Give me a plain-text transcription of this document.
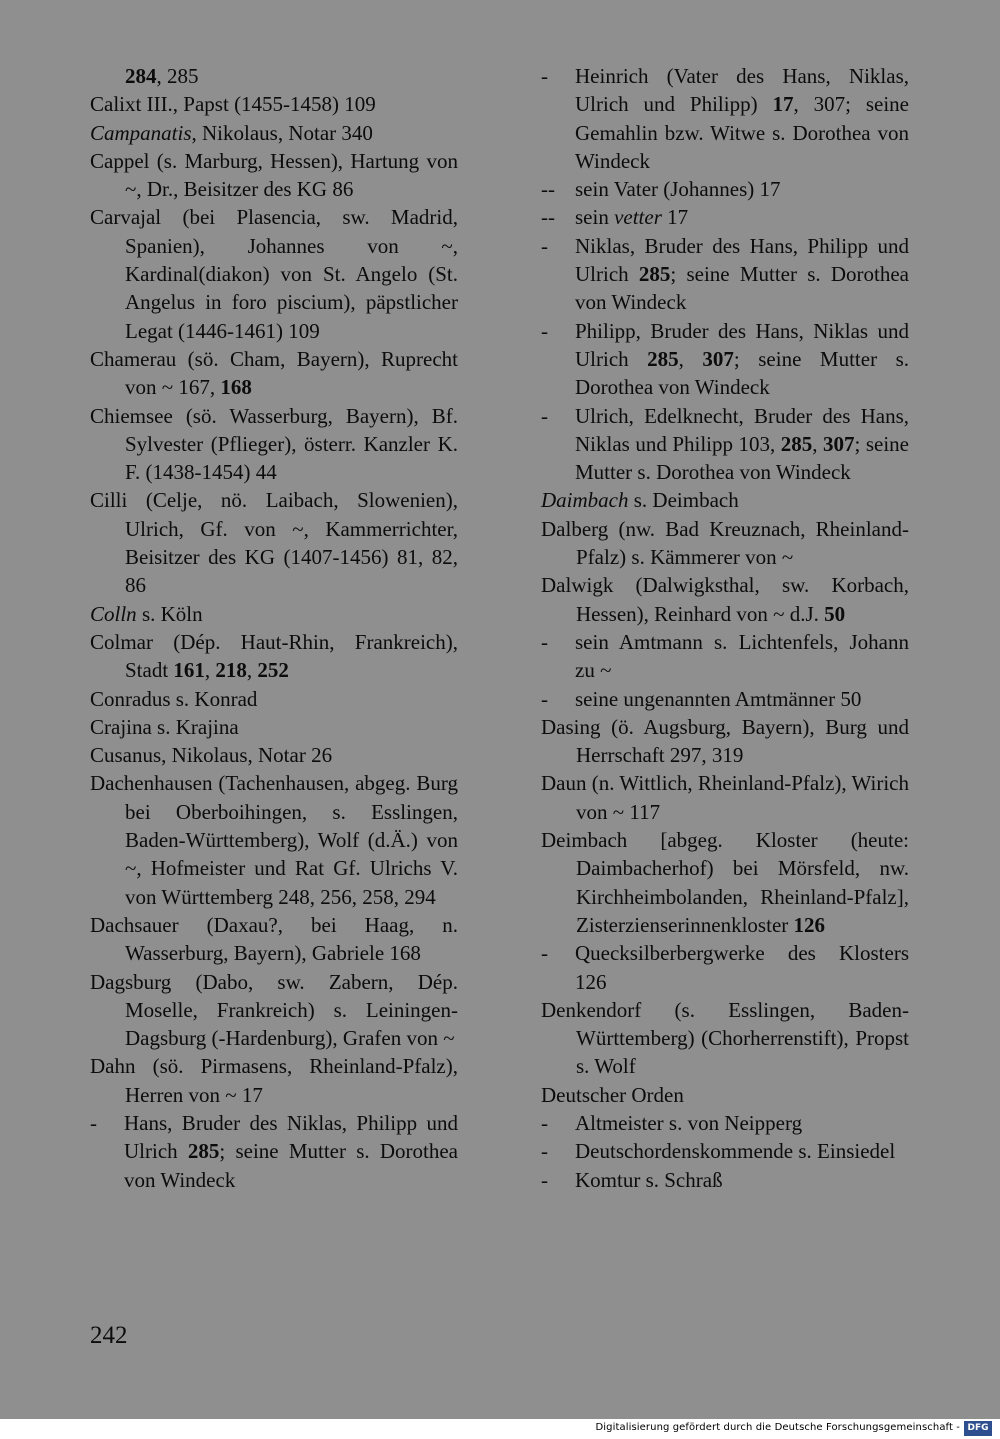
284, 285
Calixt III., Papst (1455-1458) 109
Campanatis, Nikolaus, Notar 340
Cappel (s. Marburg, Hessen), Hartung von ~, Dr., Beisitzer des KG 86
Carvajal (bei Plasencia, sw. Madrid, Spanien), Johannes von ~, Kardinal(diakon) von St. Angelo (St. Angelus in foro piscium), päpstlicher Legat (1446-1461) 109
Chamerau (sö. Cham, Bayern), Ruprecht von ~ 167, 168
Chiemsee (sö. Wasserburg, Bayern), Bf. Sylvester (Pflieger), österr. Kanzler K. F. (1438-1454) 44
Cilli (Celje, nö. Laibach, Slowenien), Ulrich, Gf. von ~, Kammerrichter, Beisitzer des KG (1407-1456) 81, 82, 86
Colln s. Köln
Colmar (Dép. Haut-Rhin, Frankreich), Stadt 161, 218, 252
Conradus s. Konrad
Crajina s. Krajina
Cusanus, Nikolaus, Notar 26
Dachenhausen (Tachenhausen, abgeg. Burg bei Oberboihingen, s. Esslingen, Baden-Württemberg), Wolf (d.Ä.) von ~, Hofmeister und Rat Gf. Ulrichs V. von Württemberg 248, 256, 258, 294
Dachsauer (Daxau?, bei Haag, n. Wasserburg, Bayern), Gabriele 168
Dagsburg (Dabo, sw. Zabern, Dép. Moselle, Frankreich) s. Leiningen-Dagsburg (-Hardenburg), Grafen von ~
Dahn (sö. Pirmasens, Rheinland-Pfalz), Herren von ~ 17
-	Hans, Bruder des Niklas, Philipp und Ulrich 285; seine Mutter s. Dorothea von Windeck
-	Heinrich (Vater des Hans, Niklas, Ulrich und Philipp) 17, 307; seine Gemahlin bzw. Witwe s. Dorothea von Windeck
-- sein Vater (Johannes) 17
-- sein vetter 17
-	Niklas, Bruder des Hans, Philipp und Ulrich 285; seine Mutter s. Dorothea von Windeck
-	Philipp, Bruder des Hans, Niklas und Ulrich 285, 307; seine Mutter s. Dorothea von Windeck
-	Ulrich, Edelknecht, Bruder des Hans, Niklas und Philipp 103, 285, 307; seine Mutter s. Dorothea von Windeck
Daimbach s. Deimbach
Dalberg (nw. Bad Kreuznach, Rheinland-Pfalz) s. Kämmerer von ~
Dalwigk (Dalwigksthal, sw. Korbach, Hessen), Reinhard von ~ d.J. 50
-	sein Amtmann s. Lichtenfels, Johann zu ~
-	seine ungenannten Amtmänner 50
Dasing (ö. Augsburg, Bayern), Burg und Herrschaft 297, 319
Daun (n. Wittlich, Rheinland-Pfalz), Wirich von ~ 117
Deimbach [abgeg. Kloster (heute: Daimbacherhof) bei Mörsfeld, nw. Kirchheimbolanden, Rheinland-Pfalz], Zisterzienserinnenkloster 126
-	Quecksilberbergwerke des Klosters 126
Denkendorf (s. Esslingen, Baden-Württemberg) (Chorherrenstift), Propst s. Wolf
Deutscher Orden
-	Altmeister s. von Neipperg
-	Deutschordenskommende s. Einsiedel
-	Komtur s. Schraß
242
Digitalisierung gefördert durch die Deutsche Forschungsgemeinschaft - DFG
